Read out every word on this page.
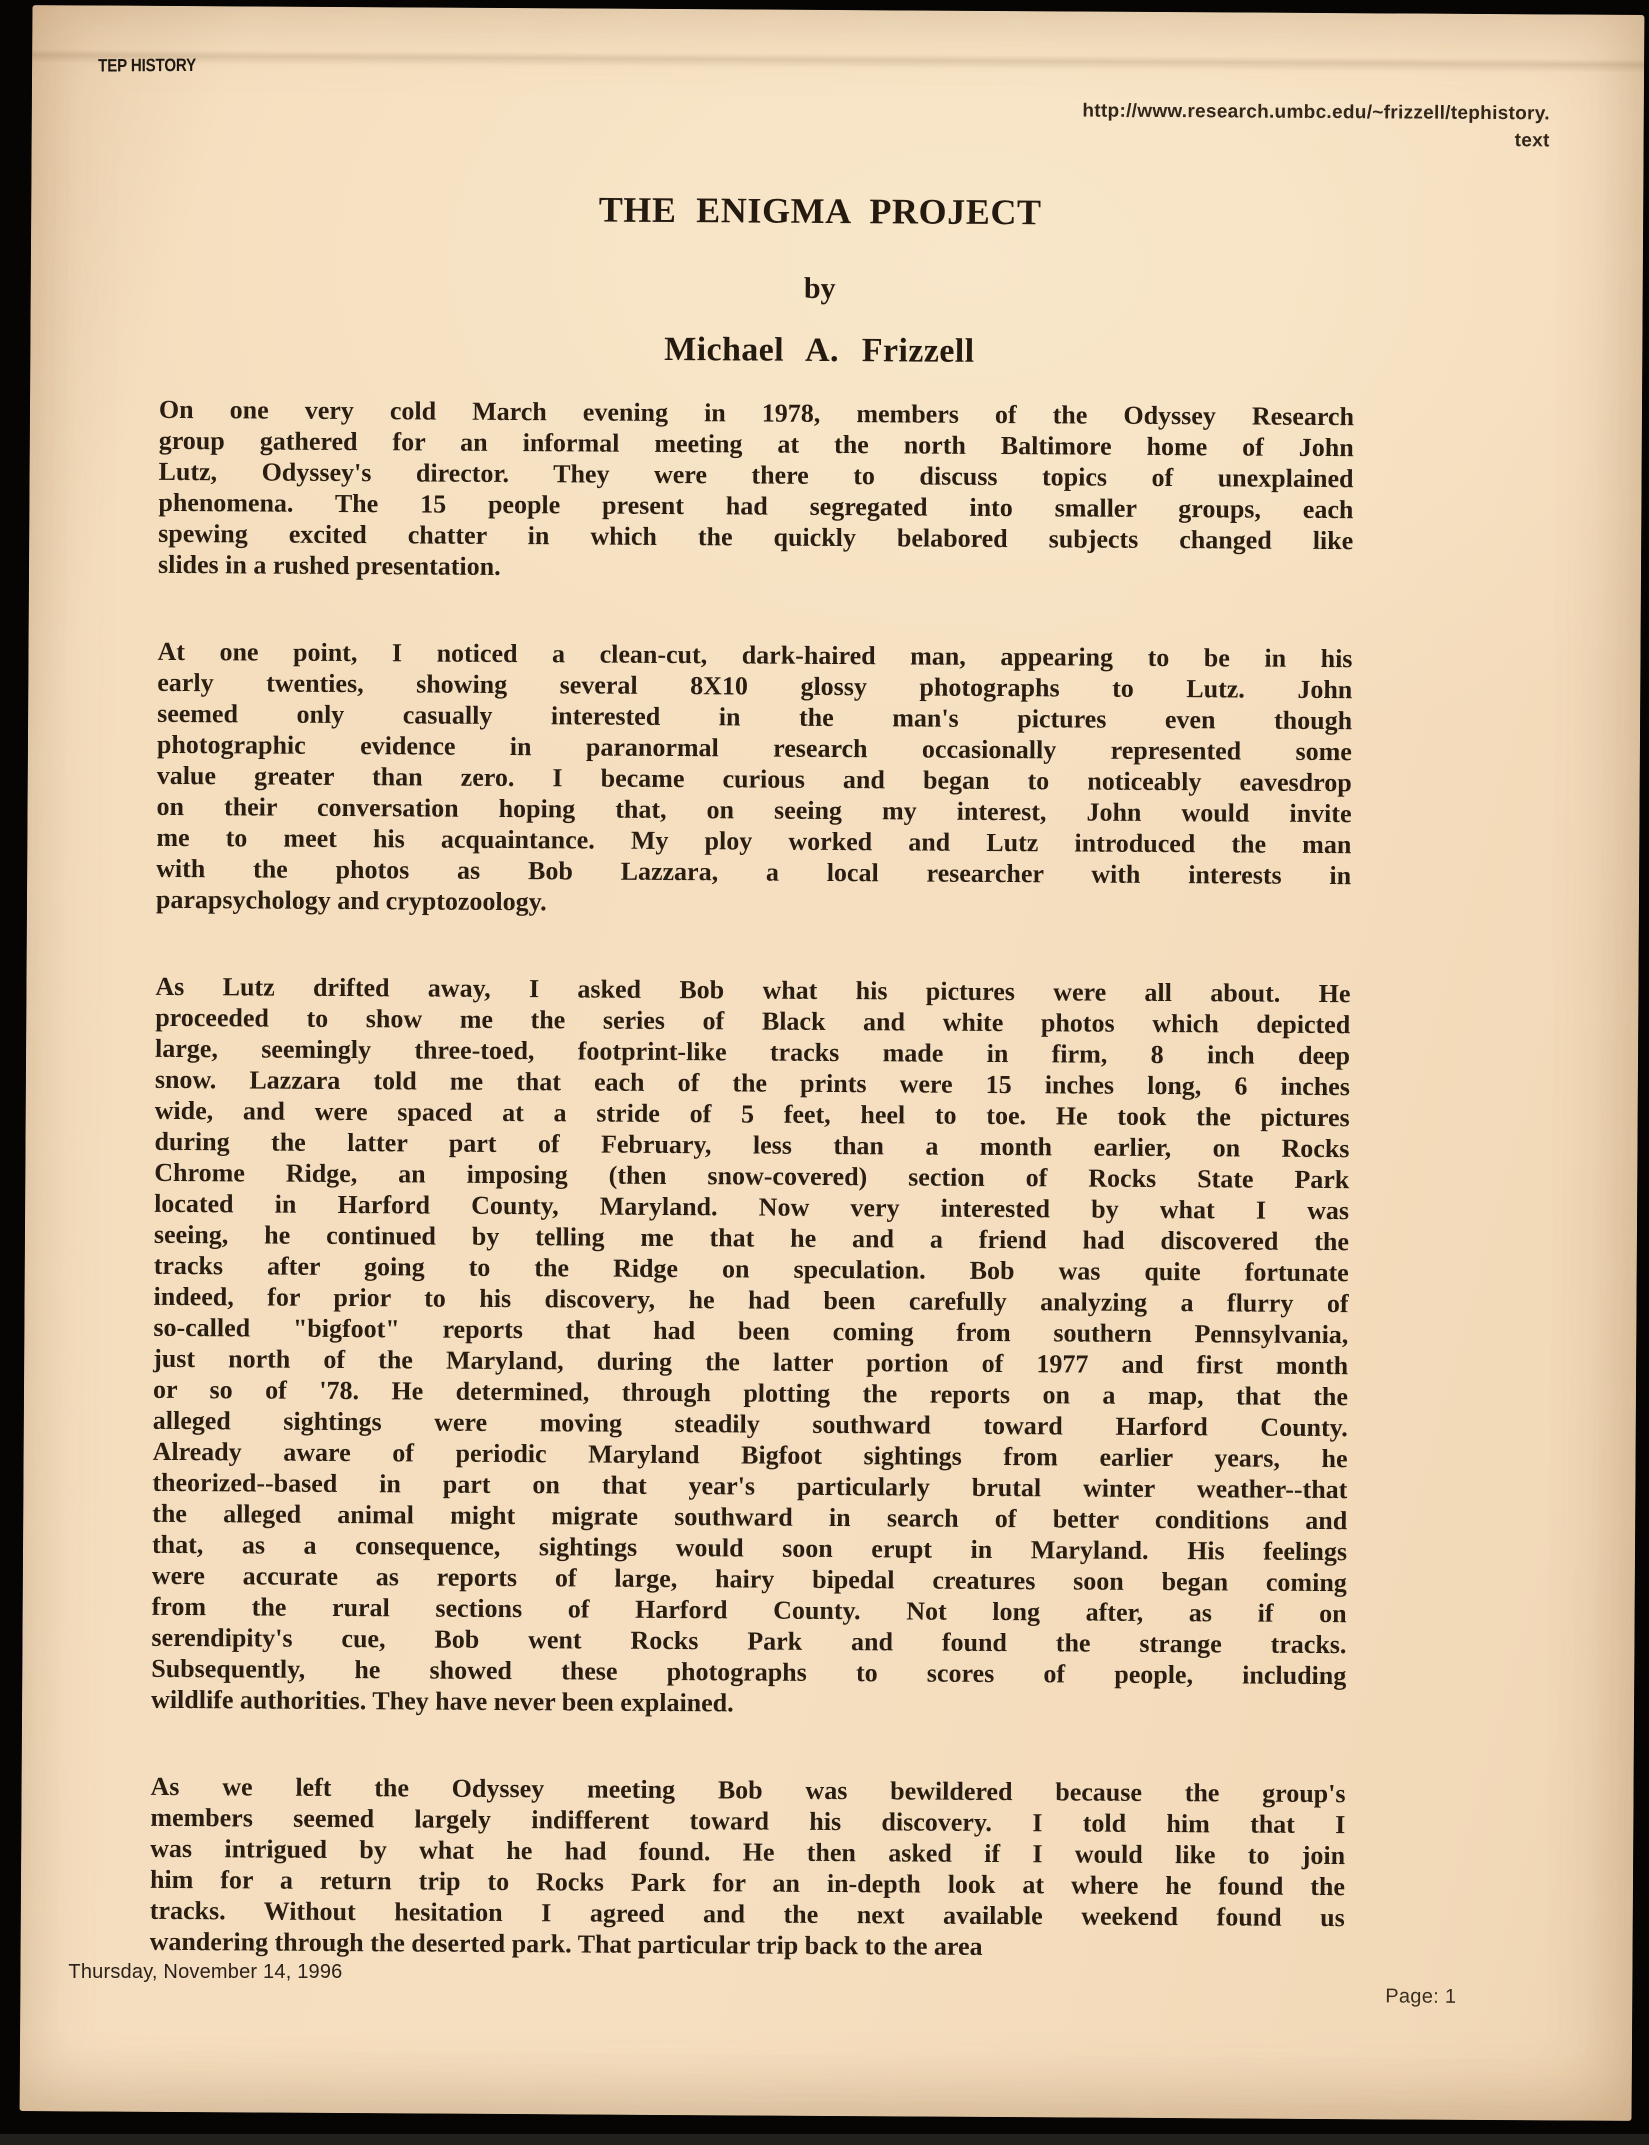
TEP HISTORY
http://www.research.umbc.edu/~frizzell/tephistory.
text
THE ENIGMA PROJECT
by
Michael A. Frizzell
On one very cold March evening in 1978, members of the Odyssey Research
group gathered for an informal meeting at the north Baltimore home of John
Lutz, Odyssey's director. They were there to discuss topics of unexplained
phenomena. The 15 people present had segregated into smaller groups, each
spewing excited chatter in which the quickly belabored subjects changed like
slides in a rushed presentation.
At one point, I noticed a clean-cut, dark-haired man, appearing to be in his
early twenties, showing several 8X10 glossy photographs to Lutz. John
seemed only casually interested in the man's pictures even though
photographic evidence in paranormal research occasionally represented some
value greater than zero. I became curious and began to noticeably eavesdrop
on their conversation hoping that, on seeing my interest, John would invite
me to meet his acquaintance. My ploy worked and Lutz introduced the man
with the photos as Bob Lazzara, a local researcher with interests in
parapsychology and cryptozoology.
As Lutz drifted away, I asked Bob what his pictures were all about. He
proceeded to show me the series of Black and white photos which depicted
large, seemingly three-toed, footprint-like tracks made in firm, 8 inch deep
snow. Lazzara told me that each of the prints were 15 inches long, 6 inches
wide, and were spaced at a stride of 5 feet, heel to toe. He took the pictures
during the latter part of February, less than a month earlier, on Rocks
Chrome Ridge, an imposing (then snow-covered) section of Rocks State Park
located in Harford County, Maryland. Now very interested by what I was
seeing, he continued by telling me that he and a friend had discovered the
tracks after going to the Ridge on speculation. Bob was quite fortunate
indeed, for prior to his discovery, he had been carefully analyzing a flurry of
so-called "bigfoot" reports that had been coming from southern Pennsylvania,
just north of the Maryland, during the latter portion of 1977 and first month
or so of '78. He determined, through plotting the reports on a map, that the
alleged sightings were moving steadily southward toward Harford County.
Already aware of periodic Maryland Bigfoot sightings from earlier years, he
theorized--based in part on that year's particularly brutal winter weather--that
the alleged animal might migrate southward in search of better conditions and
that, as a consequence, sightings would soon erupt in Maryland. His feelings
were accurate as reports of large, hairy bipedal creatures soon began coming
from the rural sections of Harford County. Not long after, as if on
serendipity's cue, Bob went Rocks Park and found the strange tracks.
Subsequently, he showed these photographs to scores of people, including
wildlife authorities. They have never been explained.
As we left the Odyssey meeting Bob was bewildered because the group's
members seemed largely indifferent toward his discovery. I told him that I
was intrigued by what he had found. He then asked if I would like to join
him for a return trip to Rocks Park for an in-depth look at where he found the
tracks. Without hesitation I agreed and the next available weekend found us
wandering through the deserted park. That particular trip back to the area
Thursday, November 14, 1996
Page: 1
